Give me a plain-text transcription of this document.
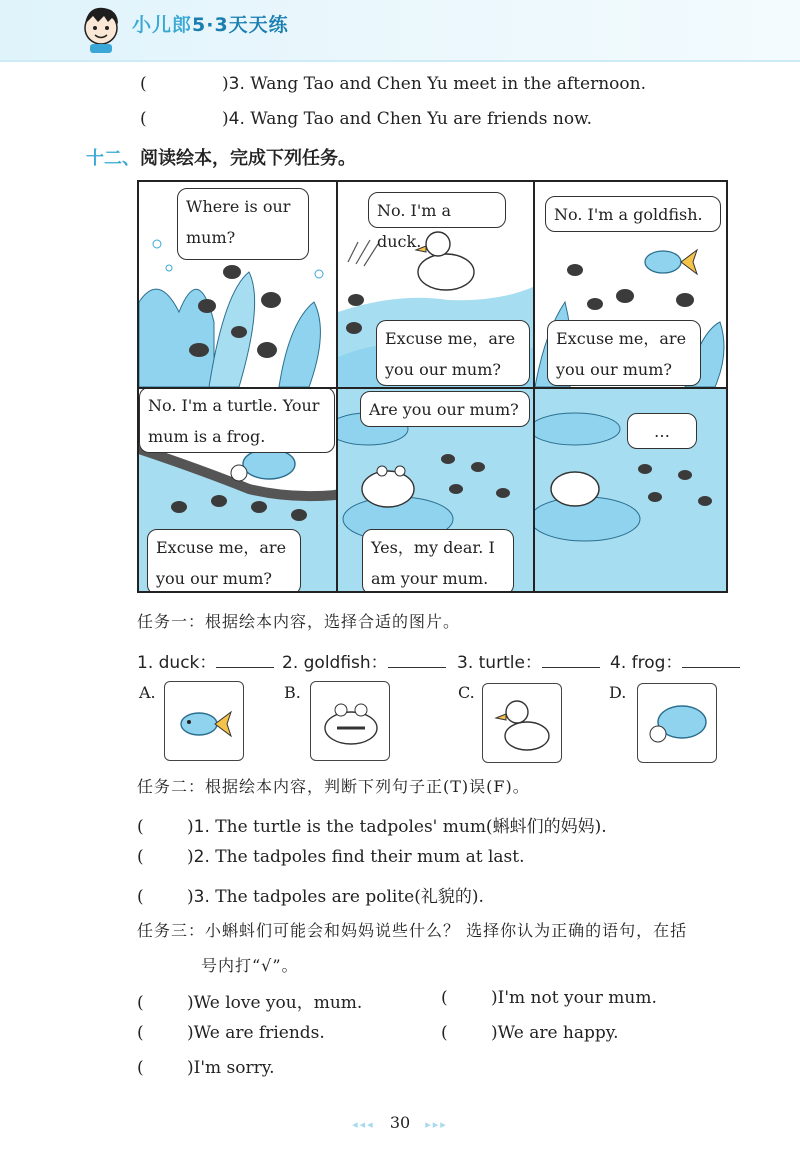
小儿郎5·3天天练
(	)3. Wang Tao and Chen Yu meet in the afternoon.
(	)4. Wang Tao and Chen Yu are friends now.
十二、阅读绘本，完成下列任务。
Where is our
mum?
No. I'm a duck.
Excuse me，are
you our mum?
No. I'm a goldfish.
Excuse me，are
you our mum?
No. I'm a turtle. Your
mum is a frog.
Excuse me，are
you our mum?
Are you our mum?
Yes，my dear. I
am your mum.
…
任务一：根据绘本内容，选择合适的图片。
1. duck：	2. goldfish：	3. turtle：	4. frog：
A.	B.	C.	D.
任务二：根据绘本内容，判断下列句子正(T)误(F)。
(	)1. The turtle is the tadpoles' mum(蝌蚪们的妈妈).
(	)2. The tadpoles find their mum at last.
(	)3. The tadpoles are polite(礼貌的).
任务三：小蝌蚪们可能会和妈妈说些什么？ 选择你认为正确的语句，在括
号内打“√”。
(	)We love you，mum.
(	)We are friends.
(	)I'm sorry.
(	)I'm not your mum.
(	)We are happy.
◂◂◂ 30 ▸▸▸
